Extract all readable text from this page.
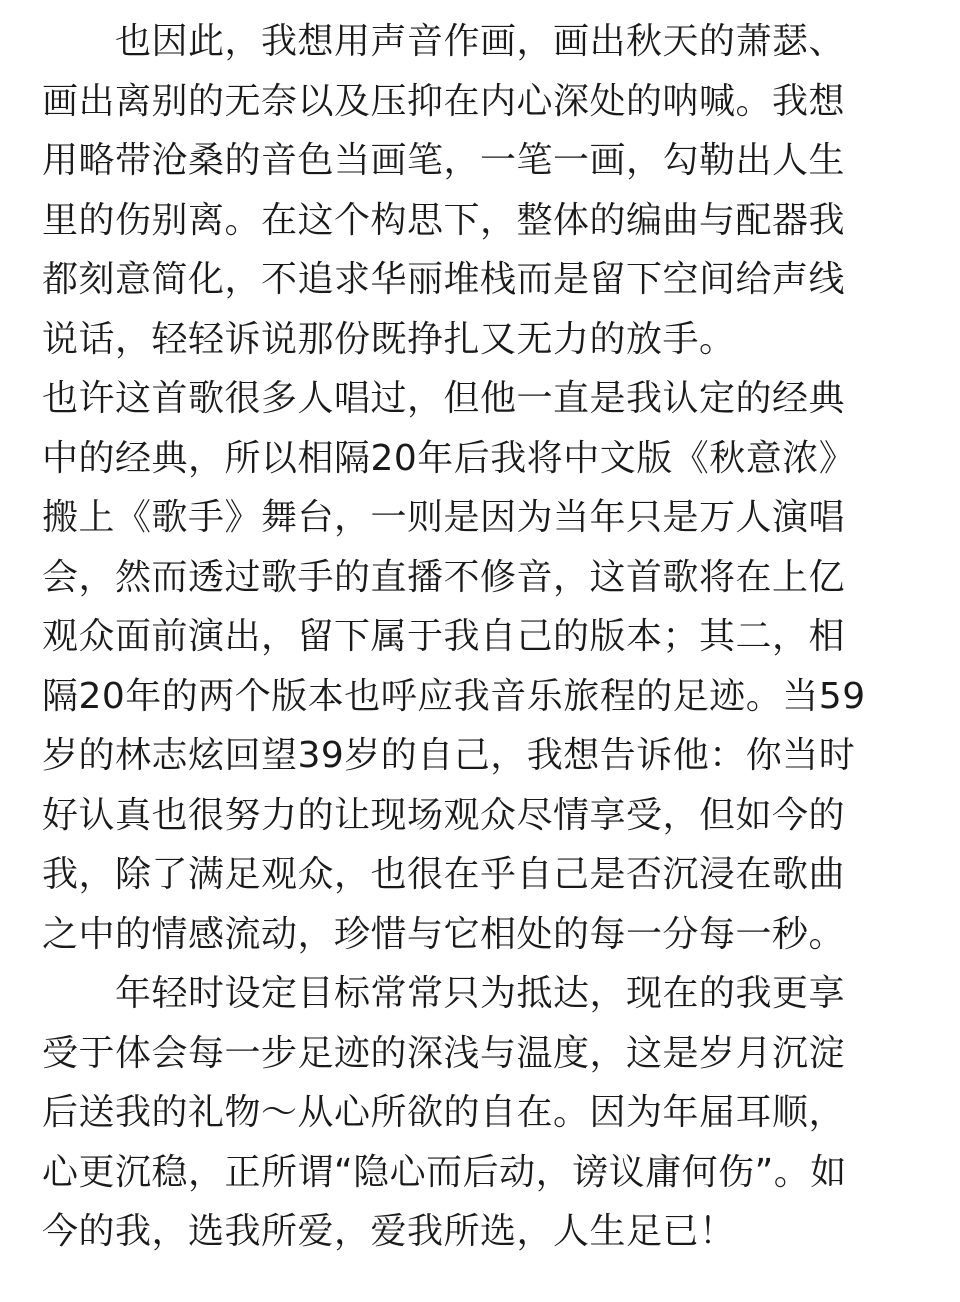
也因此，我想用声音作画，画出秋天的萧瑟、
画出离别的无奈以及压抑在内心深处的呐喊。我想
用略带沧桑的音色当画笔，一笔一画，勾勒出人生
里的伤别离。在这个构思下，整体的编曲与配器我
都刻意简化，不追求华丽堆栈而是留下空间给声线
说话，轻轻诉说那份既挣扎又无力的放手。
也许这首歌很多人唱过，但他一直是我认定的经典
中的经典，所以相隔20年后我将中文版《秋意浓》
搬上《歌手》舞台，一则是因为当年只是万人演唱
会，然而透过歌手的直播不修音，这首歌将在上亿
观众面前演出，留下属于我自己的版本；其二，相
隔20年的两个版本也呼应我音乐旅程的足迹。当59
岁的林志炫回望39岁的自己，我想告诉他：你当时
好认真也很努力的让现场观众尽情享受，但如今的
我，除了满足观众，也很在乎自己是否沉浸在歌曲
之中的情感流动，珍惜与它相处的每一分每一秒。
年轻时设定目标常常只为抵达，现在的我更享
受于体会每一步足迹的深浅与温度，这是岁月沉淀
后送我的礼物～从心所欲的自在。因为年届耳顺，
心更沉稳，正所谓“隐心而后动，谤议庸何伤”。如
今的我，选我所爱，爱我所选，人生足已！
